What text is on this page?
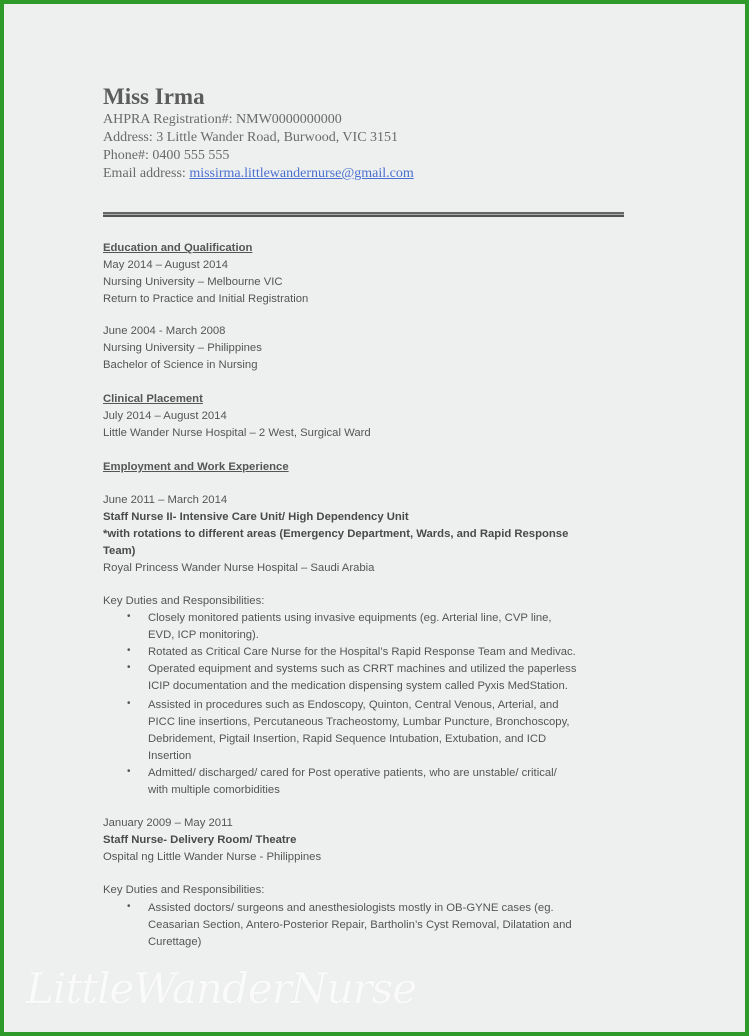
Miss Irma
AHPRA Registration#: NMW0000000000
Address: 3 Little Wander Road, Burwood, VIC 3151
Phone#: 0400 555 555
Email address: missirma.littlewandernurse@gmail.com
Education and Qualification
May 2014 – August 2014
Nursing University – Melbourne VIC
Return to Practice and Initial Registration
June 2004 - March 2008
Nursing University – Philippines
Bachelor of Science in Nursing
Clinical Placement
July 2014 – August 2014
Little Wander Nurse Hospital – 2 West, Surgical Ward
Employment and Work Experience
June 2011 – March 2014
Staff Nurse II- Intensive Care Unit/ High Dependency Unit
*with rotations to different areas (Emergency Department, Wards, and Rapid Response
Team)
Royal Princess Wander Nurse Hospital – Saudi Arabia
Key Duties and Responsibilities:
• Closely monitored patients using invasive equipments (eg. Arterial line, CVP line,
EVD, ICP monitoring).
• Rotated as Critical Care Nurse for the Hospital’s Rapid Response Team and Medivac.
• Operated equipment and systems such as CRRT machines and utilized the paperless
ICIP documentation and the medication dispensing system called Pyxis MedStation.
• Assisted in procedures such as Endoscopy, Quinton, Central Venous, Arterial, and
PICC line insertions, Percutaneous Tracheostomy, Lumbar Puncture, Bronchoscopy,
Debridement, Pigtail Insertion, Rapid Sequence Intubation, Extubation, and ICD
Insertion
• Admitted/ discharged/ cared for Post operative patients, who are unstable/ critical/
with multiple comorbidities
January 2009 – May 2011
Staff Nurse- Delivery Room/ Theatre
Ospital ng Little Wander Nurse - Philippines
Key Duties and Responsibilities:
• Assisted doctors/ surgeons and anesthesiologists mostly in OB-GYNE cases (eg.
Ceasarian Section, Antero-Posterior Repair, Bartholin’s Cyst Removal, Dilatation and
Curettage)
LittleWanderNurse
